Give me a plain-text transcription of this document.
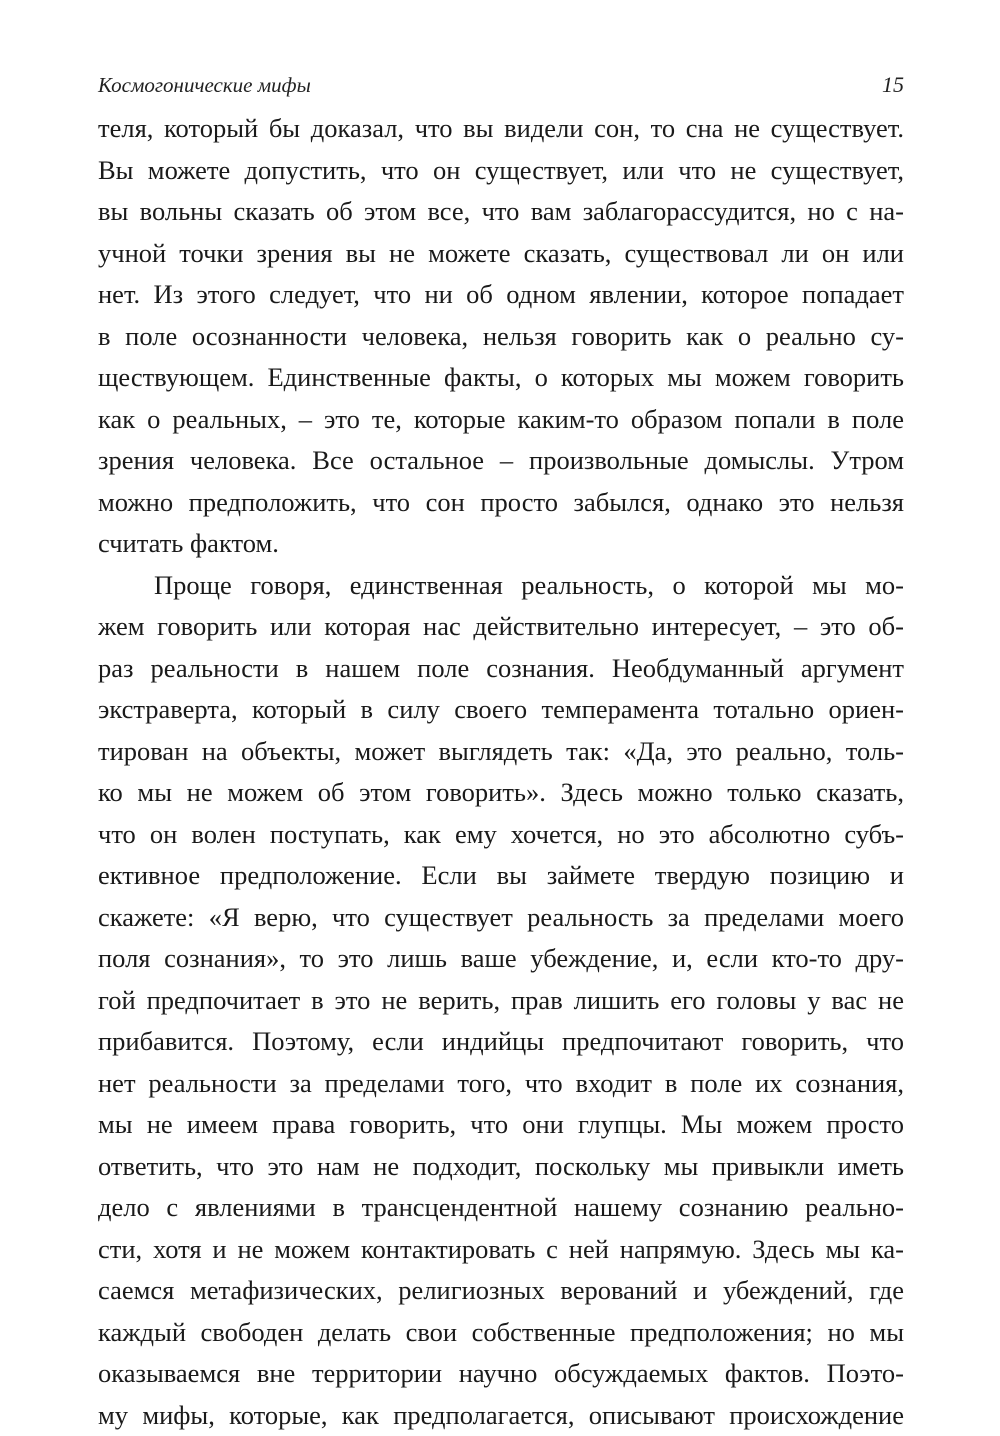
Космогонические мифы	15
теля, который бы доказал, что вы видели сон, то сна не существует.
Вы можете допустить, что он существует, или что не существует,
вы вольны сказать об этом все, что вам заблагорассудится, но с на-
учной точки зрения вы не можете сказать, существовал ли он или
нет. Из этого следует, что ни об одном явлении, которое попадает
в поле осознанности человека, нельзя говорить как о реально су-
ществующем. Единственные факты, о которых мы можем говорить
как о реальных, – это те, которые каким-то образом попали в поле
зрения человека. Все остальное – произвольные домыслы. Утром
можно предположить, что сон просто забылся, однако это нельзя
считать фактом.
Проще говоря, единственная реальность, о которой мы мо-
жем говорить или которая нас действительно интересует, – это об-
раз реальности в нашем поле сознания. Необдуманный аргумент
экстраверта, который в силу своего темперамента тотально ориен-
тирован на объекты, может выглядеть так: «Да, это реально, толь-
ко мы не можем об этом говорить». Здесь можно только сказать,
что он волен поступать, как ему хочется, но это абсолютно субъ-
ективное предположение. Если вы займете твердую позицию и
скажете: «Я верю, что существует реальность за пределами моего
поля сознания», то это лишь ваше убеждение, и, если кто-то дру-
гой предпочитает в это не верить, прав лишить его головы у вас не
прибавится. Поэтому, если индийцы предпочитают говорить, что
нет реальности за пределами того, что входит в поле их сознания,
мы не имеем права говорить, что они глупцы. Мы можем просто
ответить, что это нам не подходит, поскольку мы привыкли иметь
дело с явлениями в трансцендентной нашему сознанию реально-
сти, хотя и не можем контактировать с ней напрямую. Здесь мы ка-
саемся метафизических, религиозных верований и убеждений, где
каждый свободен делать свои собственные предположения; но мы
оказываемся вне территории научно обсуждаемых фактов. Поэто-
му мифы, которые, как предполагается, описывают происхождение
